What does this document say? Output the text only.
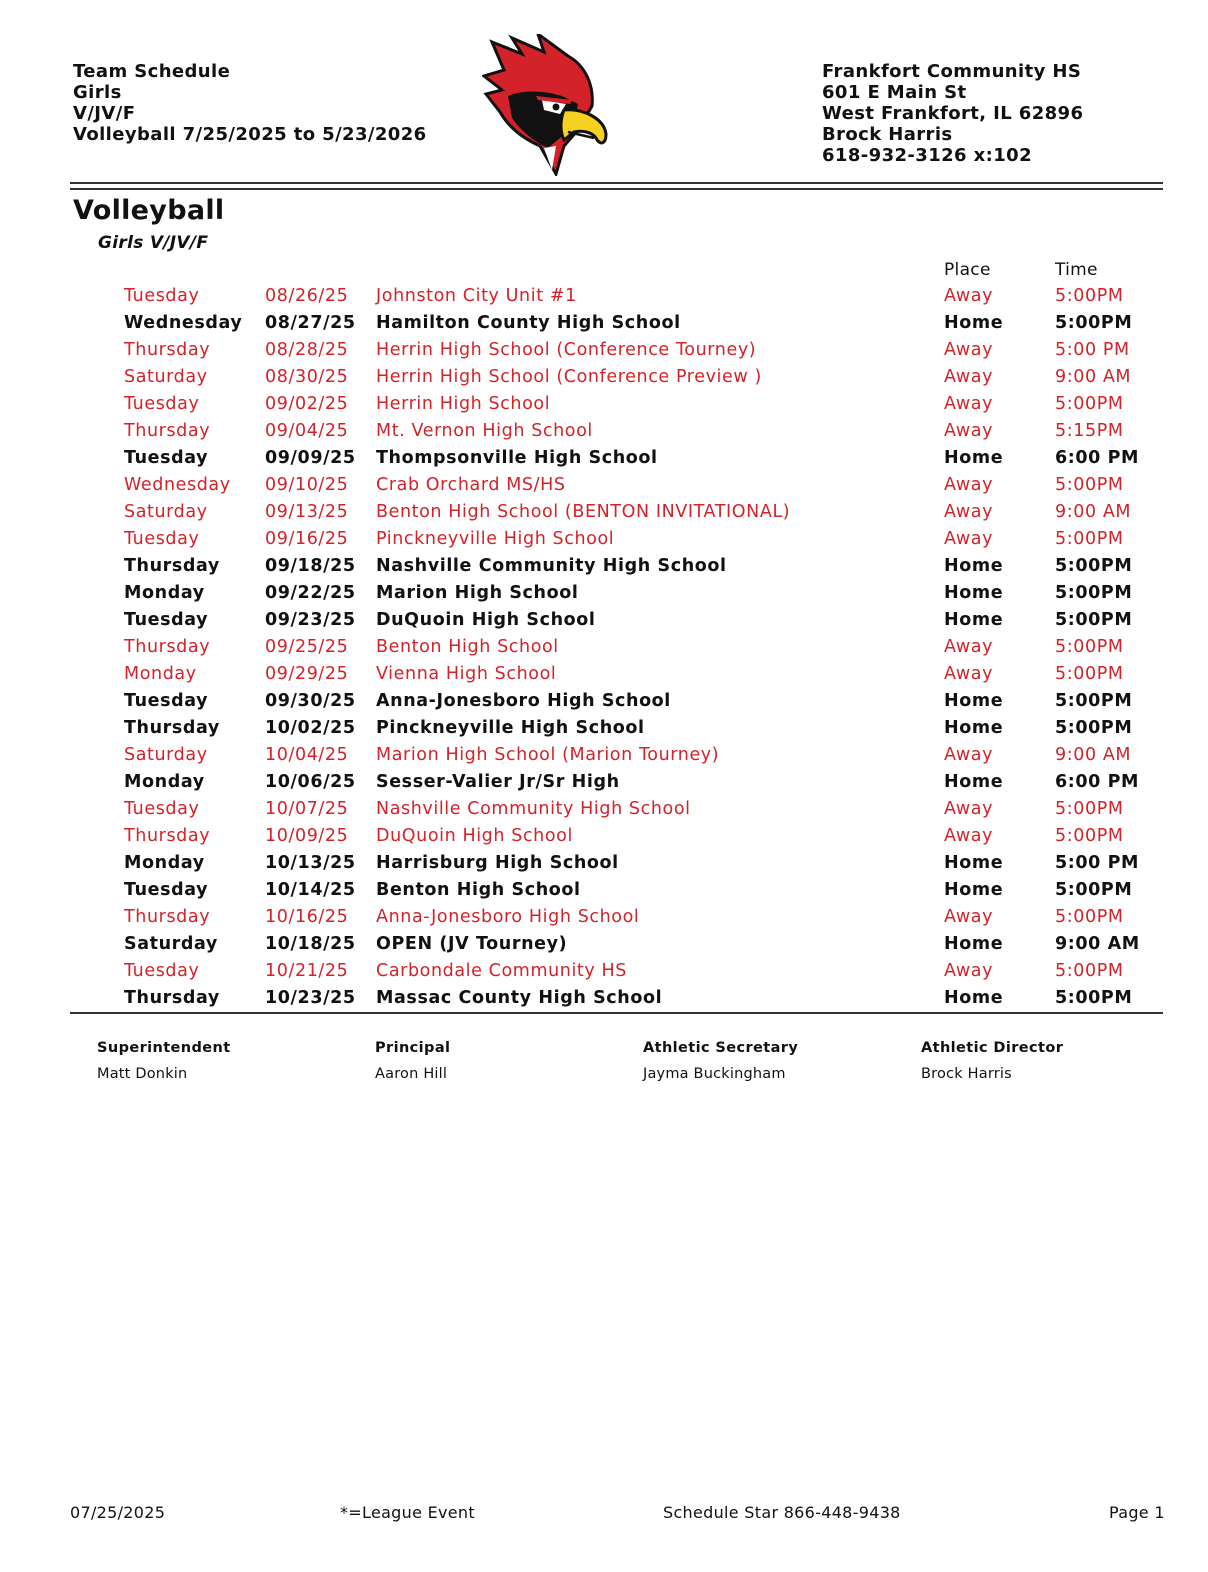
Team Schedule
Girls
V/JV/F
Volleyball 7/25/2025 to 5/23/2026
Frankfort Community HS
601 E Main St
West Frankfort, IL 62896
Brock Harris
618-932-3126 x:102
Volleyball
Girls V/JV/F
Place	Time
Tuesday	08/26/25 Johnston City Unit #1	Away	5:00PM
Wednesday 08/27/25 Hamilton County High School	Home	5:00PM
Thursday	08/28/25 Herrin High School (Conference Tourney)	Away	5:00 PM
Saturday	08/30/25 Herrin High School (Conference Preview )	Away	9:00 AM
Tuesday	09/02/25 Herrin High School	Away	5:00PM
Thursday	09/04/25 Mt. Vernon High School	Away	5:15PM
Tuesday	09/09/25 Thompsonville High School	Home	6:00 PM
Wednesday 09/10/25 Crab Orchard MS/HS	Away	5:00PM
Saturday	09/13/25 Benton High School (BENTON INVITATIONAL)	Away	9:00 AM
Tuesday	09/16/25 Pinckneyville High School	Away	5:00PM
Thursday	09/18/25 Nashville Community High School	Home	5:00PM
Monday	09/22/25 Marion High School	Home	5:00PM
Tuesday	09/23/25 DuQuoin High School	Home	5:00PM
Thursday	09/25/25 Benton High School	Away	5:00PM
Monday	09/29/25 Vienna High School	Away	5:00PM
Tuesday	09/30/25 Anna-Jonesboro High School	Home	5:00PM
Thursday	10/02/25 Pinckneyville High School	Home	5:00PM
Saturday	10/04/25 Marion High School (Marion Tourney)	Away	9:00 AM
Monday	10/06/25 Sesser-Valier Jr/Sr High	Home	6:00 PM
Tuesday	10/07/25 Nashville Community High School	Away	5:00PM
Thursday	10/09/25 DuQuoin High School	Away	5:00PM
Monday	10/13/25 Harrisburg High School	Home	5:00 PM
Tuesday	10/14/25 Benton High School	Home	5:00PM
Thursday	10/16/25 Anna-Jonesboro High School	Away	5:00PM
Saturday	10/18/25 OPEN (JV Tourney)	Home	9:00 AM
Tuesday	10/21/25 Carbondale Community HS	Away	5:00PM
Thursday	10/23/25 Massac County High School	Home	5:00PM
Superintendent
Matt Donkin
Principal
Aaron Hill
Athletic Secretary
Jayma Buckingham
Athletic Director
Brock Harris
07/25/2025	*=League Event	Schedule Star 866-448-9438	Page 1
